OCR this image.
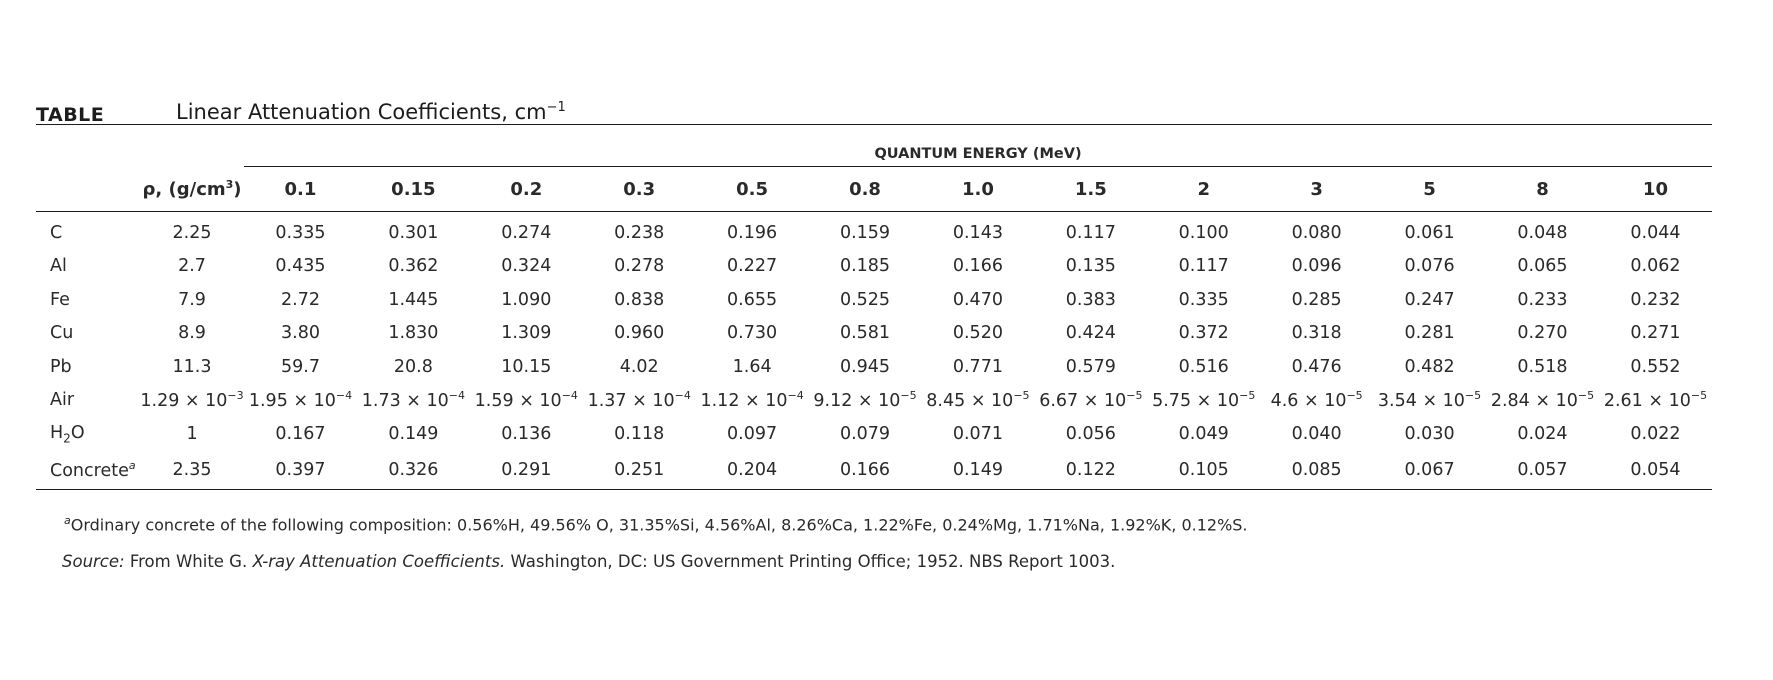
TABLE	Linear Attenuation Coefficients, $cm^{-1}$
		QUANTUM ENERGY (MeV)												
	ρ, $(g/cm^3)$	0.1	0.15	0.2	0.3	0.5	0.8	1.0	1.5	2	3	5	8	10
C	2.25	0.335	0.301	0.274	0.238	0.196	0.159	0.143	0.117	0.100	0.080	0.061	0.048	0.044
Al	2.7	0.435	0.362	0.324	0.278	0.227	0.185	0.166	0.135	0.117	0.096	0.076	0.065	0.062
Fe	7.9	2.72	1.445	1.090	0.838	0.655	0.525	0.470	0.383	0.335	0.285	0.247	0.233	0.232
Cu	8.9	3.80	1.830	1.309	0.960	0.730	0.581	0.520	0.424	0.372	0.318	0.281	0.270	0.271
Pb	11.3	59.7	20.8	10.15	4.02	1.64	0.945	0.771	0.579	0.516	0.476	0.482	0.518	0.552
Air	$1.29 \times 10^{-3}$	$1.95 \times 10^{-4}$	$1.73 \times 10^{-4}$	$1.59 \times 10^{-4}$	$1.37 \times 10^{-4}$	$1.12 \times 10^{-4}$	$9.12 \times 10^{-5}$	$8.45 \times 10^{-5}$	$6.67 \times 10^{-5}$	$5.75 \times 10^{-5}$	$4.6 \times 10^{-5}$	$3.54 \times 10^{-5}$	$2.84 \times 10^{-5}$	$2.61 \times 10^{-5}$
$H_2O$	1	0.167	0.149	0.136	0.118	0.097	0.079	0.071	0.056	0.049	0.040	0.030	0.024	0.022
Concrete$^a$	2.35	0.397	0.326	0.291	0.251	0.204	0.166	0.149	0.122	0.105	0.085	0.067	0.057	0.054
$^a$Ordinary concrete of the following composition: 0.56%H, 49.56% O, 31.35%Si, 4.56%Al, 8.26%Ca, 1.22%Fe, 0.24%Mg, 1.71%Na, 1.92%K, 0.12%S.
Source: From White G. X-ray Attenuation Coefficients. Washington, DC: US Government Printing Office; 1952. NBS Report 1003.
